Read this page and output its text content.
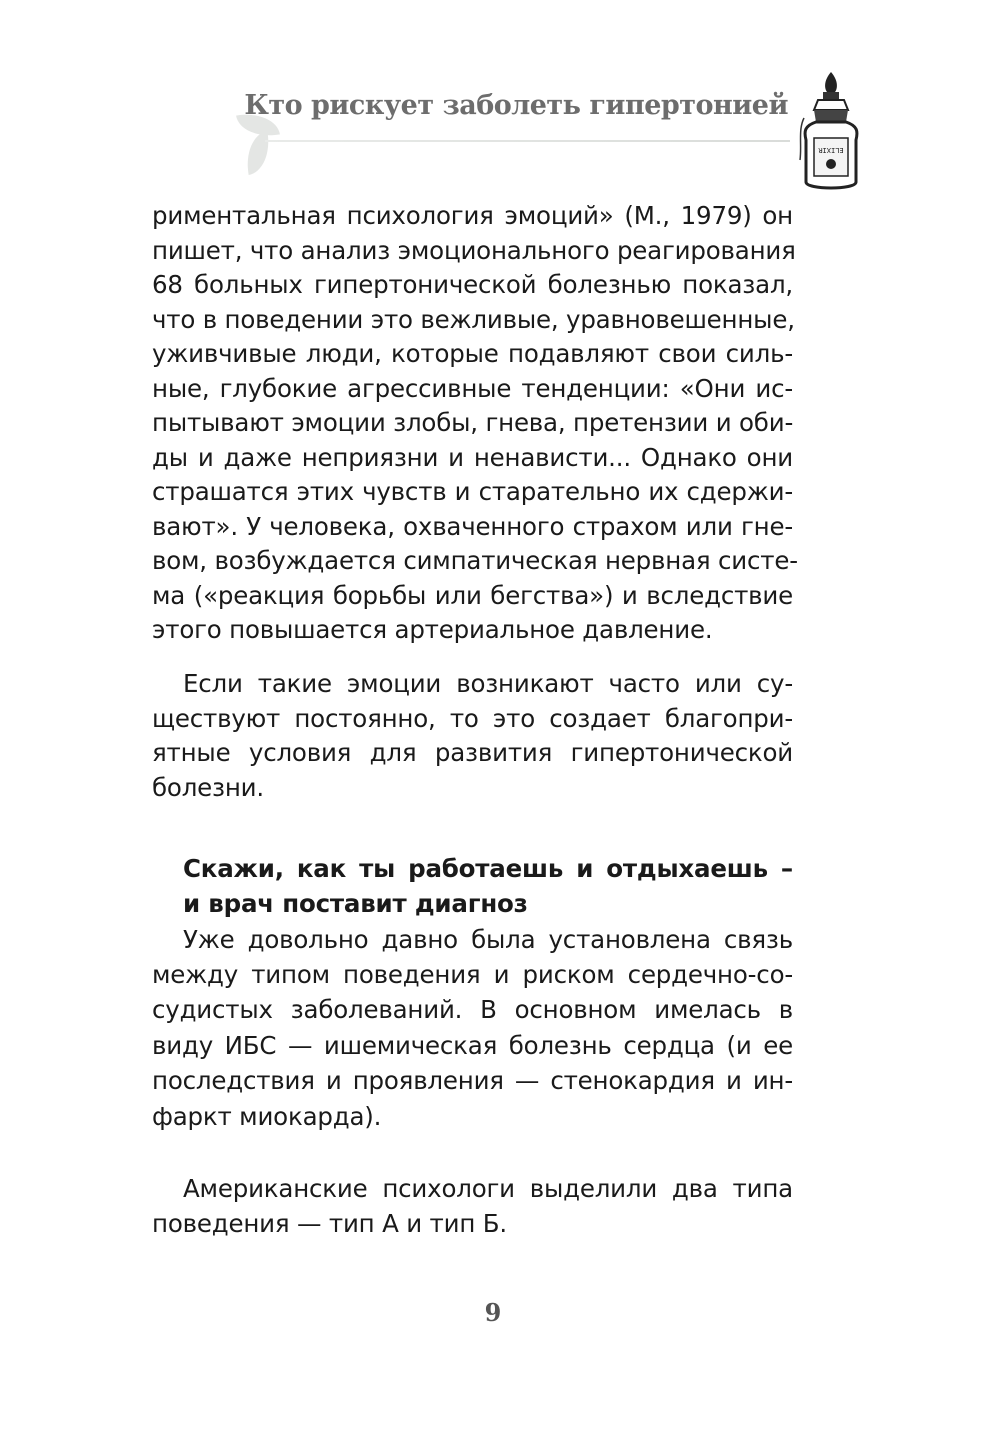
Кто рискует заболеть гипертонией
ELIXIR
риментальная психология эмоций» (М., 1979) он
пишет, что анализ эмоционального реагирования
68 больных гипертонической болезнью показал,
что в поведении это вежливые, уравновешенные,
уживчивые люди, которые подавляют свои силь-
ные, глубокие агрессивные тенденции: «Они ис-
пытывают эмоции злобы, гнева, претензии и оби-
ды и даже неприязни и ненависти... Однако они
страшатся этих чувств и старательно их сдержи-
вают». У человека, охваченного страхом или гне-
вом, возбуждается симпатическая нервная систе-
ма («реакция борьбы или бегства») и вследствие
этого повышается артериальное давление.
Если такие эмоции возникают часто или су-
ществуют постоянно, то это создает благопри-
ятные условия для развития гипертонической
болезни.
Скажи, как ты работаешь и отдыхаешь –
и врач поставит диагноз
Уже довольно давно была установлена связь
между типом поведения и риском сердечно-со-
судистых заболеваний. В основном имелась в
виду ИБС — ишемическая болезнь сердца (и ее
последствия и проявления — стенокардия и ин-
фаркт миокарда).
Американские психологи выделили два типа
поведения — тип А и тип Б.
9
